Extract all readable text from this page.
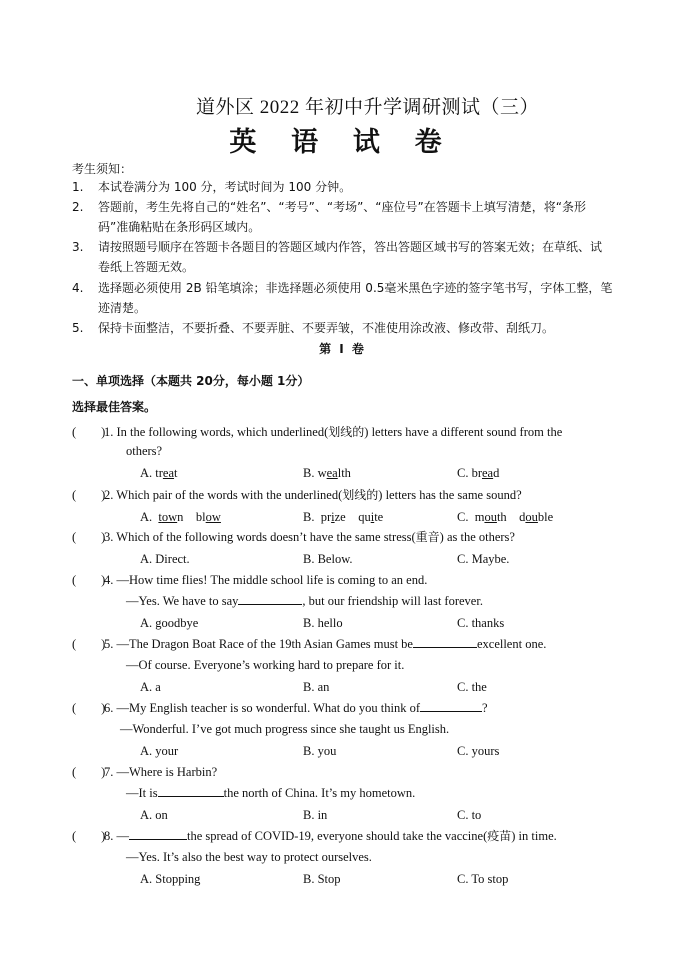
道外区 2022 年初中升学调研测试（三）
英 语 试 卷
考生须知：
1. 本试卷满分为 100 分，考试时间为 100 分钟。
2. 答题前，考生先将自己的“姓名”、“考号”、“考场”、“座位号”在答题卡上填写清楚，将“条形码”准确粘贴在条形码区域内。
3. 请按照题号顺序在答题卡各题目的答题区域内作答，答出答题区域书写的答案无效；在草纸、试卷纸上答题无效。
4. 选择题必须使用 2B 铅笔填涂；非选择题必须使用 0.5毫米黑色字迹的签字笔书写，字体工整，笔迹清楚。
5. 保持卡面整洁，不要折叠、不要弄脏、不要弄皱，不准使用涂改液、修改带、刮纸刀。
第 I 卷
一、单项选择（本题共 20分，每小题 1分）
选择最佳答案。
(　　)
1. In the following words, which underlined(划线的) letters have a different sound from the
others?
A. treat	B. wealth	C. bread
(　　)
2. Which pair of the words with the underlined(划线的) letters has the same sound?
A.  town    blow	B.  prize    quite	C.  mouth    double
(　　)
3. Which of the following words doesn’t have the same stress(重音) as the others?
A. Direct.	B. Below.	C. Maybe.
(　　)
4. —How time flies! The middle school life is coming to an end.
—Yes. We have to say	, but our friendship will last forever.
A. goodbye	B. hello	C. thanks
(　　)
5. —The Dragon Boat Race of the 19th Asian Games must be	excellent one.
—Of course. Everyone’s working hard to prepare for it.
A. a	B. an	C. the
(　　)
6. —My English teacher is so wonderful. What do you think of	?
—Wonderful. I’ve got much progress since she taught us English.
A. your	B. you	C. yours
(　　)
7. —Where is Harbin?
—It is	the north of China. It’s my hometown.
A. on	B. in	C. to
(　　)
8. —	the spread of COVID-19, everyone should take the vaccine(疫苗) in time.
—Yes. It’s also the best way to protect ourselves.
A. Stopping	B. Stop	C. To stop
